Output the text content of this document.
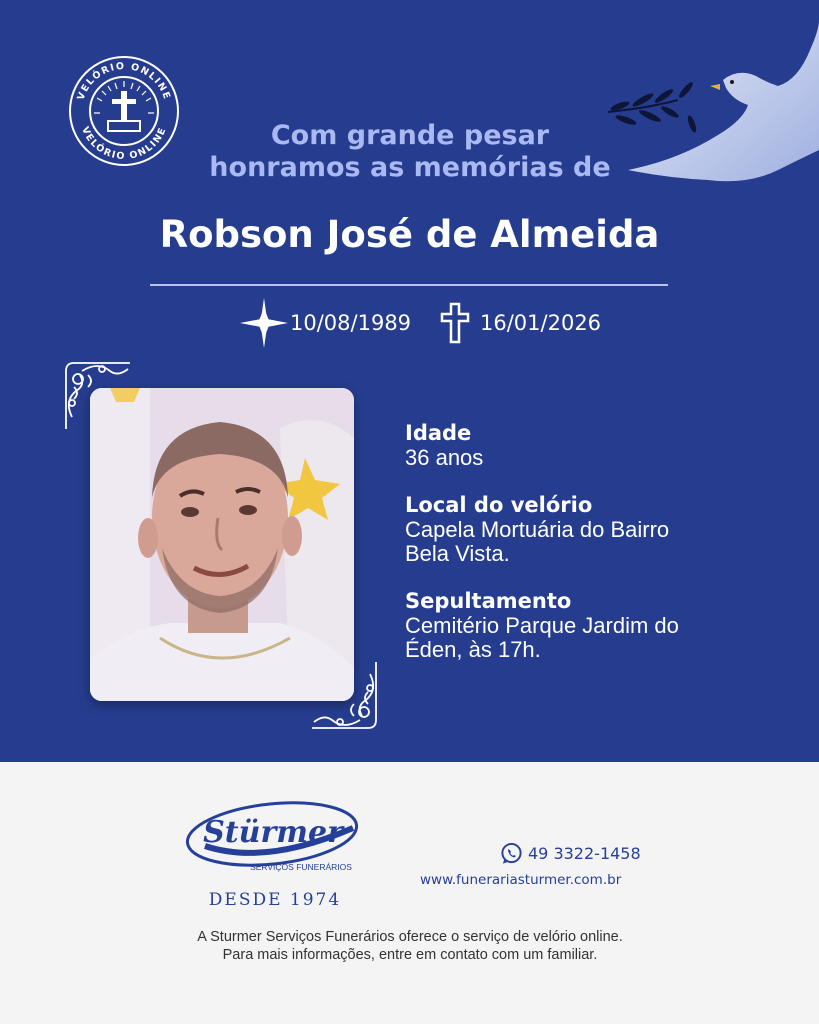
VELÓRIO ONLINE
VELÓRIO ONLINE	Com grande pesar
honramos as memórias de
Robson José de Almeida
10/08/1989	16/01/2026
Idade
36 anos
Local do velório
Capela Mortuária do Bairro
Bela Vista.
Sepultamento
Cemitério Parque Jardim do
Éden, às 17h.
Stürmer
SERVIÇOS FUNERÁRIOS
DESDE 1974
49 3322-1458
www.funerariasturmer.com.br
A Sturmer Serviços Funerários oferece o serviço de velório online.
Para mais informações, entre em contato com um familiar.
